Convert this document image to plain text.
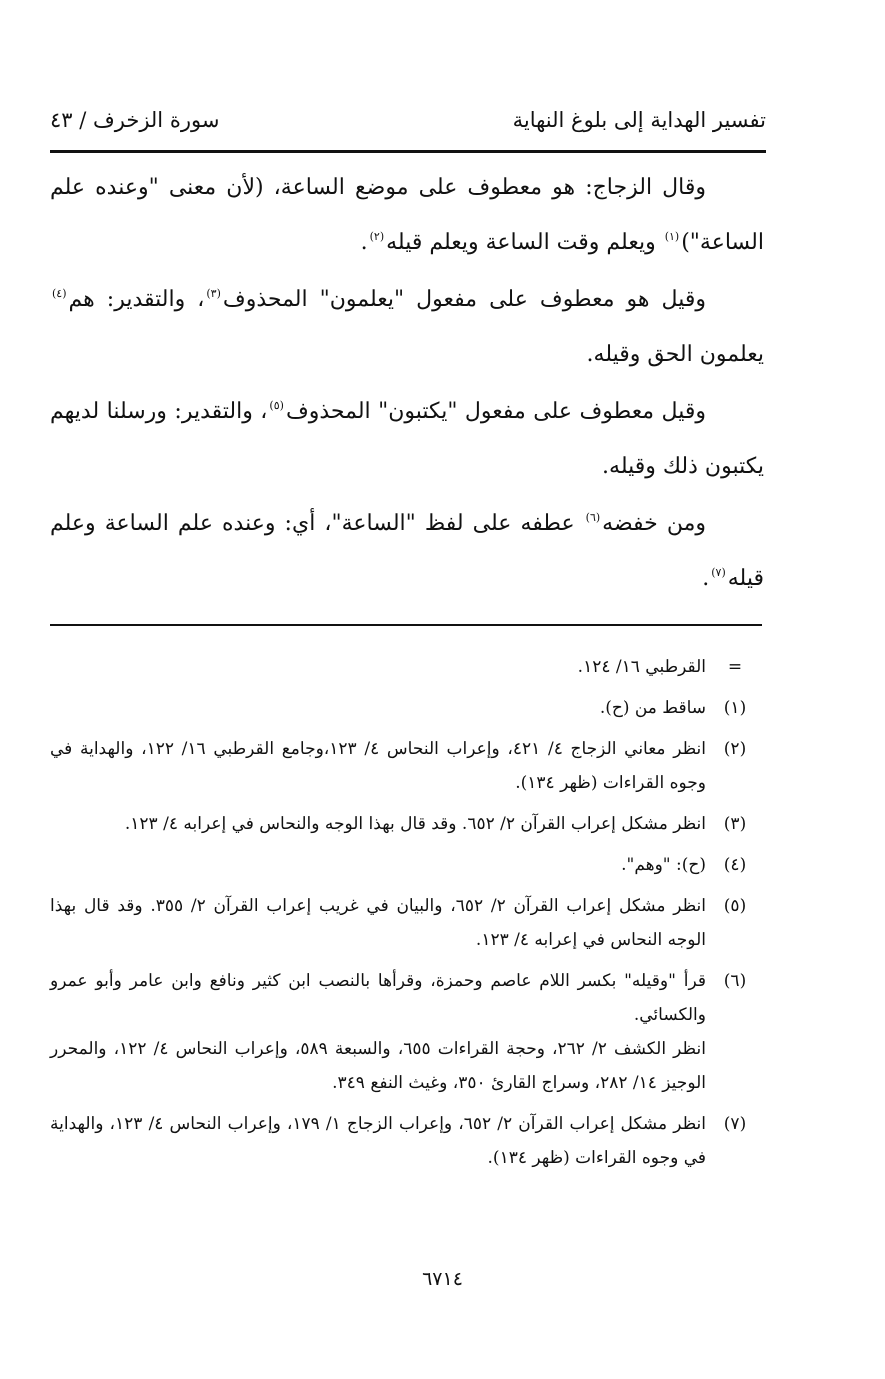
تفسير الهداية إلى بلوغ النهاية
سورة الزخرف / ٤٣

وقال الزجاج: هو معطوف على موضع الساعة، (لأن معنى "وعنده علم الساعة")$^{(١)}$ ويعلم وقت الساعة ويعلم قيله$^{(٢)}$.

وقيل هو معطوف على مفعول "يعلمون" المحذوف$^{(٣)}$، والتقدير: هم$^{(٤)}$ يعلمون الحق وقيله.

وقيل معطوف على مفعول "يكتبون" المحذوف$^{(٥)}$، والتقدير: ورسلنا لديهم يكتبون ذلك وقيله.

ومن خفضه$^{(٦)}$ عطفه على لفظ "الساعة"، أي: وعنده علم الساعة وعلم قيله$^{(٧)}$.

=
القرطبي ١٦/ ١٢٤.
(١)
ساقط من (ح).
(٢)
انظر معاني الزجاج ٤/ ٤٢١، وإعراب النحاس ٤/ ١٢٣،وجامع القرطبي ١٦/ ١٢٢، والهداية في وجوه القراءات (ظهر ١٣٤).
(٣)
انظر مشكل إعراب القرآن ٢/ ٦٥٢. وقد قال بهذا الوجه والنحاس في إعرابه ٤/ ١٢٣.
(٤)
(ح): "وهم".
(٥)
انظر مشكل إعراب القرآن ٢/ ٦٥٢، والبيان في غريب إعراب القرآن ٢/ ٣٥٥. وقد قال بهذا الوجه النحاس في إعرابه ٤/ ١٢٣.
(٦)
قرأ "وقيله" بكسر اللام عاصم وحمزة، وقرأها بالنصب ابن كثير ونافع وابن عامر وأبو عمرو والكسائي.
انظر الكشف ٢/ ٢٦٢، وحجة القراءات ٦٥٥، والسبعة ٥٨٩، وإعراب النحاس ٤/ ١٢٢، والمحرر الوجيز ١٤/ ٢٨٢، وسراج القارئ ٣٥٠، وغيث النفع ٣٤٩.
(٧)
انظر مشكل إعراب القرآن ٢/ ٦٥٢، وإعراب الزجاج ١/ ١٧٩، وإعراب النحاس ٤/ ١٢٣، والهداية في وجوه القراءات (ظهر ١٣٤).
٦٧١٤
